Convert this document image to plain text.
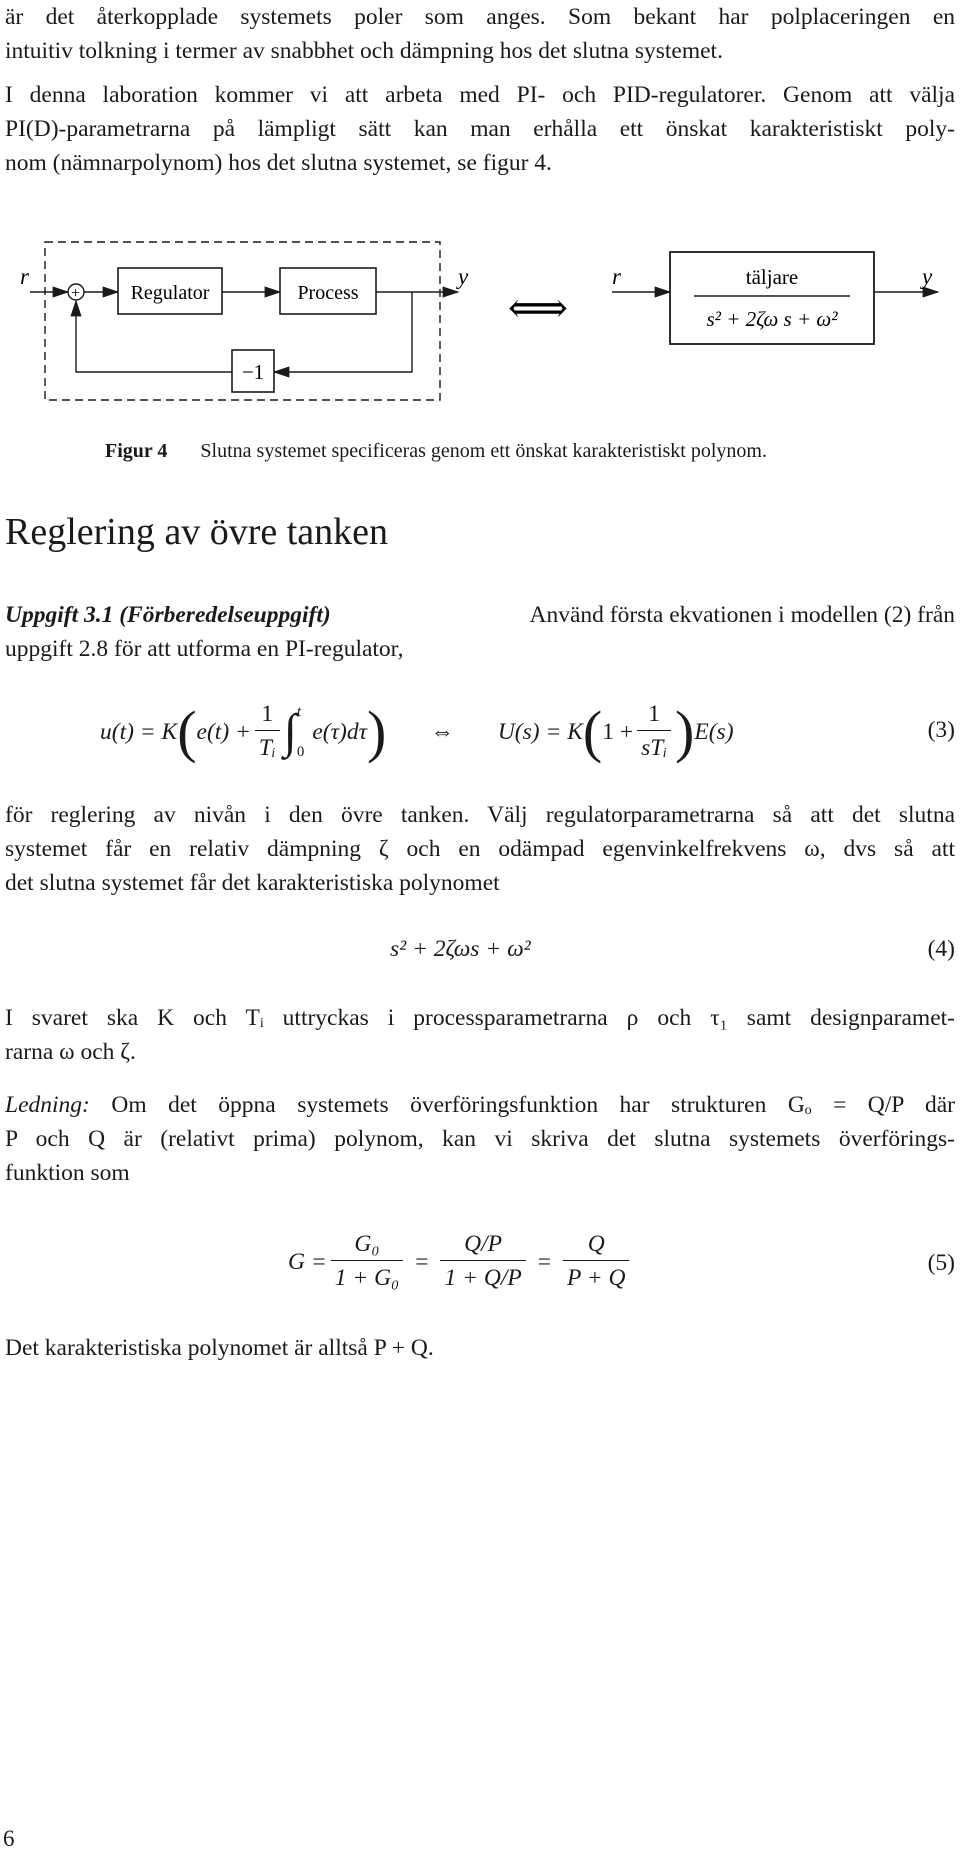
är det återkopplade systemets poler som anges. Som bekant har polplaceringen en
intuitiv tolkning i termer av snabbhet och dämpning hos det slutna systemet.
I denna laboration kommer vi att arbeta med PI- och PID-regulatorer. Genom att välja
PI(D)-parametrarna på lämpligt sätt kan man erhålla ett önskat karakteristiskt poly-
nom (nämnarpolynom) hos det slutna systemet, se figur 4.
r
+	Regulator	Process
y
−1
⟺
r	täljare
s² + 2ζω s + ω²
y
Figur 4 Slutna systemet specificeras genom ett önskat karakteristiskt polynom.
Reglering av övre tanken
Uppgift 3.1 (Förberedelseuppgift)	Använd första ekvationen i modellen (2) från
uppgift 2.8 för att utforma en PI-regulator,
u(t) = K ( $e(t) + \frac{1}{\text{Tᵢ}}$ ∫ t
0
e(τ)dτ ) ⇔ U(s) = K ( $1 + \frac{1}{\text{sTᵢ}}$ ) E(s)	(3)
för reglering av nivån i den övre tanken. Välj regulatorparametrarna så att det slutna
systemet får en relativ dämpning ζ och en odämpad egenvinkelfrekvens ω, dvs så att
det slutna systemet får det karakteristiska polynomet
s² + 2ζωs + ω²	(4)
I svaret ska K och Tᵢ uttryckas i processparametrarna ρ och τ₁ samt designparamet-
rarna ω och ζ.
Ledning: Om det öppna systemets överföringsfunktion har strukturen Gₒ = Q/P där
P och Q är (relativt prima) polynom, kan vi skriva det slutna systemets överförings-
funktion som
$G = \frac{\text{G₀}}{\text{1 + G₀}} = \frac{Q/P}{1 + Q/P} = \frac{Q}{P + Q}$	(5)
Det karakteristiska polynomet är alltså P + Q.
6
